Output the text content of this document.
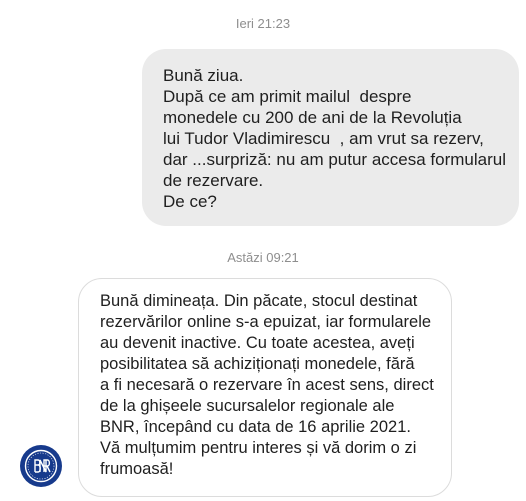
Ieri 21:23
Bună ziua.
După ce am primit mailul  despre
monedele cu 200 de ani de la Revoluția
lui Tudor Vladimirescu  , am vrut sa rezerv,
dar ...surpriză: nu am putur accesa formularul
de rezervare.
De ce?
Astăzi 09:21
Bună dimineața. Din păcate, stocul destinat
rezervărilor online s-a epuizat, iar formularele
au devenit inactive. Cu toate acestea, aveți
posibilitatea să achiziționați monedele, fără
a fi necesară o rezervare în acest sens, direct
de la ghișeele sucursalelor regionale ale
BNR, începând cu data de 16 aprilie 2021.
Vă mulțumim pentru interes și vă dorim o zi
frumoasă!
